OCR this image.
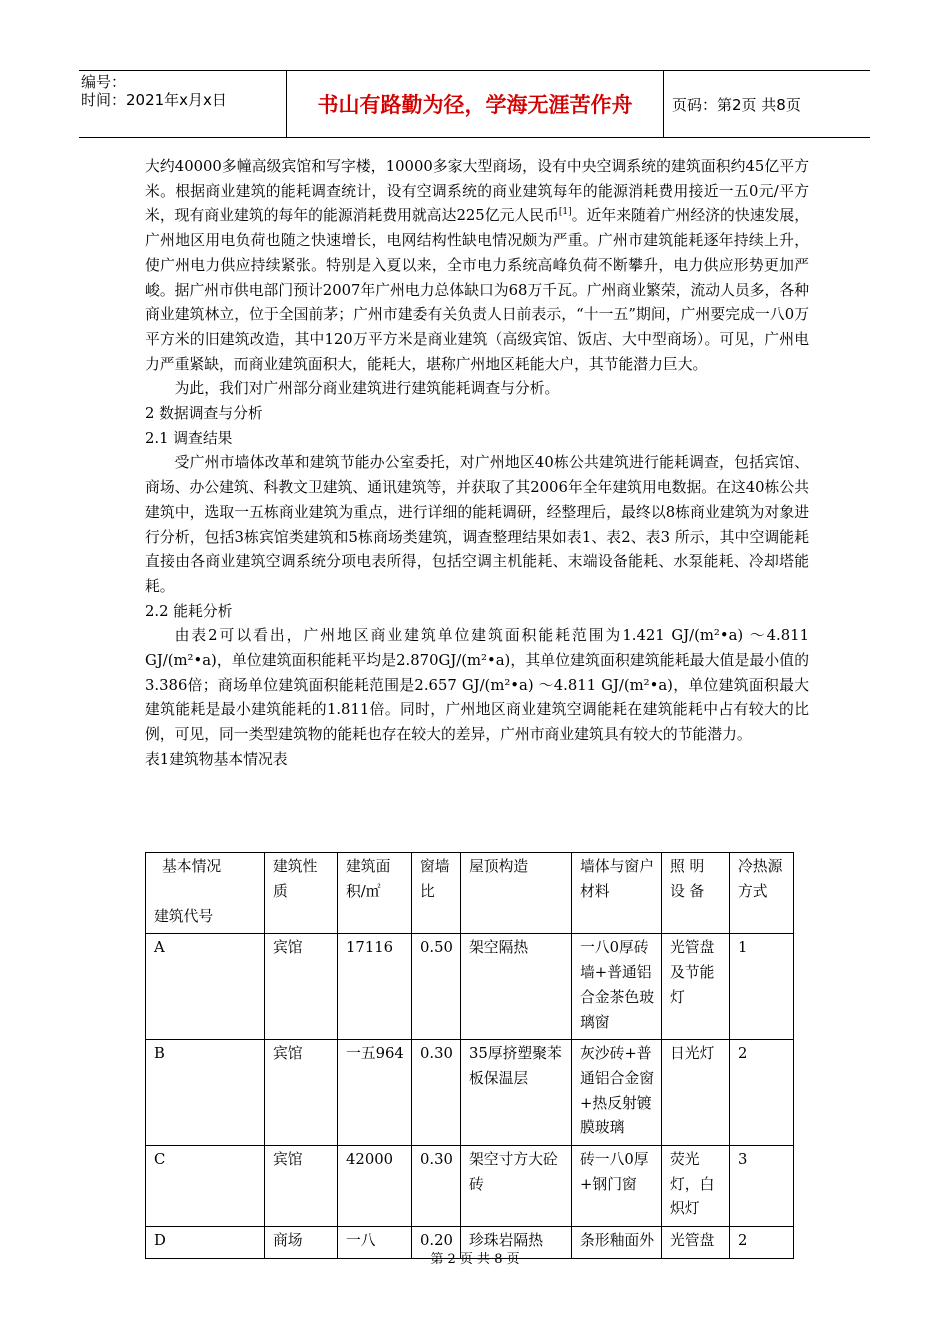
编号：
时间：2021年x月x日	书山有路勤为径，学海无涯苦作舟	页码：第2页 共8页

大约40000多幢高级宾馆和写字楼，10000多家大型商场，设有中央空调系统的建筑面积约45亿平方米。根据商业建筑的能耗调查统计，设有空调系统的商业建筑每年的能源消耗费用接近一五0元/平方米，现有商业建筑的每年的能源消耗费用就高达225亿元人民币[1]。近年来随着广州经济的快速发展，广州地区用电负荷也随之快速增长，电网结构性缺电情况颇为严重。广州市建筑能耗逐年持续上升，使广州电力供应持续紧张。特别是入夏以来，全市电力系统高峰负荷不断攀升，电力供应形势更加严峻。据广州市供电部门预计2007年广州电力总体缺口为68万千瓦。广州商业繁荣，流动人员多，各种商业建筑林立，位于全国前茅；广州市建委有关负责人日前表示，“十一五”期间，广州要完成一八0万平方米的旧建筑改造，其中120万平方米是商业建筑（高级宾馆、饭店、大中型商场）。可见，广州电力严重紧缺，而商业建筑面积大，能耗大，堪称广州地区耗能大户，其节能潜力巨大。

为此，我们对广州部分商业建筑进行建筑能耗调查与分析。

2 数据调查与分析

2.1 调查结果

受广州市墙体改革和建筑节能办公室委托，对广州地区40栋公共建筑进行能耗调查，包括宾馆、商场、办公建筑、科教文卫建筑、通讯建筑等，并获取了其2006年全年建筑用电数据。在这40栋公共建筑中，选取一五栋商业建筑为重点，进行详细的能耗调研，经整理后，最终以8栋商业建筑为对象进行分析，包括3栋宾馆类建筑和5栋商场类建筑，调查整理结果如表1、表2、表3 所示，其中空调能耗直接由各商业建筑空调系统分项电表所得，包括空调主机能耗、末端设备能耗、水泵能耗、冷却塔能耗。

2.2 能耗分析

由表2可以看出，广州地区商业建筑单位建筑面积能耗范围为1.421 GJ/(m²•a) ～4.811 GJ/(m²•a)，单位建筑面积能耗平均是2.870GJ/(m²•a)，其单位建筑面积建筑能耗最大值是最小值的3.386倍；商场单位建筑面积能耗范围是2.657 GJ/(m²•a) ～4.811 GJ/(m²•a)，单位建筑面积最大建筑能耗是最小建筑能耗的1.811倍。同时，广州地区商业建筑空调能耗在建筑能耗中占有较大的比例，可见，同一类型建筑物的能耗也存在较大的差异，广州市商业建筑具有较大的节能潜力。

表1建筑物基本情况表

基本情况
建筑代号	建筑性质	建筑面积/㎡	窗墙比	屋顶构造	墙体与窗户材料	照 明 设 备	冷热源方式
A	宾馆	17116	0.50	架空隔热	一八0厚砖墙+普通铝合金茶色玻璃窗	光管盘及节能灯	1
B	宾馆	一五964	0.30	35厚挤塑聚苯板保温层	灰沙砖+普通铝合金窗+热反射镀膜玻璃	日光灯	2
C	宾馆	42000	0.30	架空寸方大砼砖	砖一八0厚+钢门窗	荧光灯，白炽灯	3
D	商场	一八	0.20	珍珠岩隔热	条形釉面外	光管盘	2
第 2 页 共 8 页
